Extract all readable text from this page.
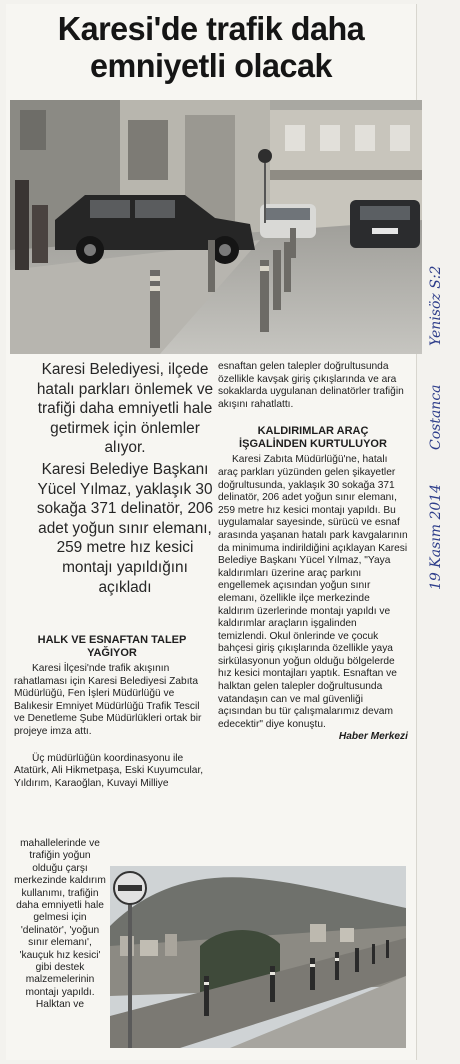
Karesi'de trafik daha
emniyetli olacak

Karesi Belediyesi, ilçede hatalı parkları önlemek ve trafiği daha emniyetli hale getirmek için önlemler alıyor.

Karesi Belediye Başkanı Yücel Yılmaz, yaklaşık 30 sokağa 371 delinatör, 206 adet yoğun sınır elemanı, 259 metre hız kesici montajı yapıldığını açıkladı

HALK VE ESNAFTAN TALEP
YAĞIYOR

Karesi İlçesi'nde trafik akışının rahatlaması için Karesi Belediyesi Zabıta Müdürlüğü, Fen İşleri Müdürlüğü ve Balıkesir Emniyet Müdürlüğü Trafik Tescil ve Denetleme Şube Müdürlükleri ortak bir projeye imza attı.

Üç müdürlüğün koordinasyonu ile Atatürk, Ali Hikmetpaşa, Eski Kuyumcular, Yıldırım, Karaoğlan, Kuvayi Milliye

mahallelerinde ve trafiğin yoğun olduğu çarşı merkezinde kaldırım kullanımı, trafiğin daha emniyetli hale gelmesi için 'delinatör', 'yoğun sınır elemanı', 'kauçuk hız kesici' gibi destek malzemelerinin montajı yapıldı. Halktan ve

esnaftan gelen talepler doğrultusunda özellikle kavşak giriş çıkışlarında ve ara sokaklarda uygulanan delinatörler trafiğin akışını rahatlattı.

KALDIRIMLAR ARAÇ
İŞGALİNDEN KURTULUYOR

Karesi Zabıta Müdürlüğü'ne, hatalı araç parkları yüzünden gelen şikayetler doğrultusunda, yaklaşık 30 sokağa 371 delinatör, 206 adet yoğun sınır elemanı, 259 metre hız kesici montajı yapıldı. Bu uygulamalar sayesinde, sürücü ve esnaf arasında yaşanan hatalı park kavgalarının da minimuma indirildiğini açıklayan Karesi Belediye Başkanı Yücel Yılmaz, "Yaya kaldırımları üzerine araç parkını engellemek açısından yoğun sınır elemanı, özellikle ilçe merkezinde kaldırım üzerlerinde montajı yapıldı ve kaldırımlar araçların işgalinden temizlendi. Okul önlerinde ve çocuk bahçesi giriş çıkışlarında özellikle yaya sirkülasyonun yoğun olduğu bölgelerde hız kesici montajları yaptık. Esnaftan ve halktan gelen talepler doğrultusunda vatandaşın can ve mal güvenliği açısından bu tür çalışmalarımız devam edecektir" diye konuştu.

Haber Merkezi

19 Kasım 2014
Costanca
Yenisöz S:2
